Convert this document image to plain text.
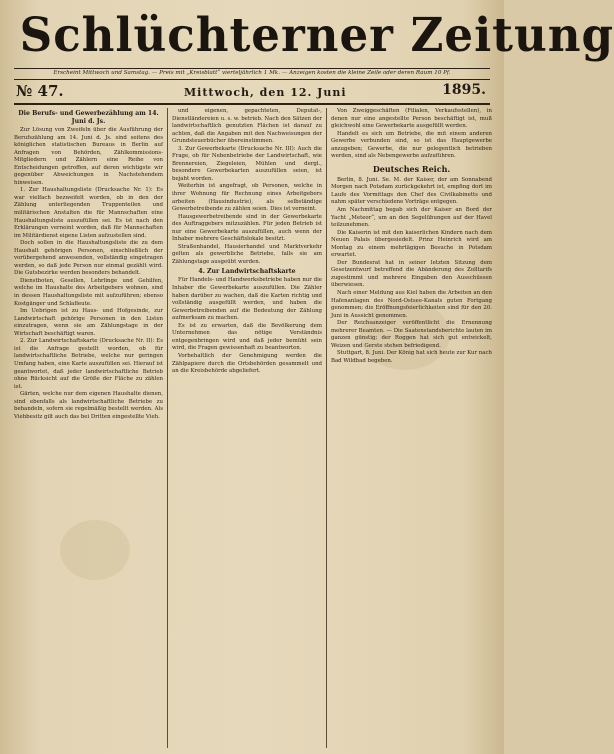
Schlüchterner Zeitung
Erscheint Mittwoch und Samstag. — Preis mit „Kreisblatt“ vierteljährlich 1 Mk. — Anzeigen kosten die kleine Zeile oder deren Raum 10 Pf.
№ 47.	Mittwoch, den 12. Juni	1895.
Die Berufs- und Gewerbezählung am 14. Juni d. Js.

Zur Lösung von Zweifeln über die Ausführung der Berufszählung am 14. Juni d. Js. sind seitens des königlichen statistischen Bureaus in Berlin auf Anfragen von Behörden, Zählkommissions-Mitgliedern und Zählern eine Reihe von Entscheidungen getroffen, auf deren wichtigste wir gegenüber Abweichungen in Nachstehendem hinweisen.

1. Zur Haushaltungsliste (Drucksache Nr. 1): Es war vielfach bezweifelt worden, ob in den der Zählung unterliegenden Truppenteilen und militärischen Anstalten die für Mannschaften eine Haushaltungsliste auszufüllen sei. Es ist nach den Erklärungen verneint worden, daß für Mannschaften im Militärdienst eigene Listen aufzustellen sind.

Doch sollen in die Haushaltungsliste die zu dem Haushalt gehörigen Personen, einschließlich der vorübergehend anwesenden, vollständig eingetragen werden, so daß jede Person nur einmal gezählt wird. Die Gutsbezirke werden besonders behandelt.

Dienstboten, Gesellen, Lehrlinge und Gehilfen, welche im Haushalte des Arbeitgebers wohnen, sind in dessen Haushaltungsliste mit aufzuführen; ebenso Kostgänger und Schlafleute.

Im Uebrigen ist zu Haus- und Hofgesinde, zur Landwirtschaft gehörige Personen in den Listen einzutragen, wenn sie am Zählungstage in der Wirtschaft beschäftigt waren.

2. Zur Landwirtschaftskarte (Drucksache Nr. II): Es ist die Anfrage gestellt worden, ob für landwirtschaftliche Betriebe, welche nur geringen Umfang haben, eine Karte auszufüllen sei. Hierauf ist geantwortet, daß jeder landwirtschaftliche Betrieb ohne Rücksicht auf die Größe der Fläche zu zählen ist.

Gärten, welche nur dem eigenen Haushalte dienen, sind ebenfalls als landwirtschaftliche Betriebe zu behandeln, sofern sie regelmäßig bestellt werden. Als Viehbesitz gilt auch das bei Dritten eingestellte Vieh.

und eigenen, gepachteten, Deputat-, Dienstländereien u. s. w. betrieb. Nach den Sätzen der landwirtschaftlich genutzten Flächen ist darauf zu achten, daß die Angaben mit den Nachweisungen der Grundsteuerbücher übereinstimmen.

3. Zur Gewerbekarte (Drucksache Nr. III): Auch die Frage, ob für Nebenbetriebe der Landwirtschaft, wie Brennereien, Ziegeleien, Mühlen und dergl., besondere Gewerbekarten auszufüllen seien, ist bejaht worden.

Weiterhin ist angefragt, ob Personen, welche in ihrer Wohnung für Rechnung eines Arbeitgebers arbeiten (Hausindustrie), als selbständige Gewerbetreibende zu zählen seien. Dies ist verneint.

Hausgewerbetreibende sind in der Gewerbekarte des Auftraggebers mitzuzählen. Für jeden Betrieb ist nur eine Gewerbekarte auszufüllen, auch wenn der Inhaber mehrere Geschäftslokale besitzt.

Straßenhandel, Hausierhandel und Marktverkehr gelten als gewerbliche Betriebe, falls sie am Zählungstage ausgeübt wurden.

4. Zur Landwirtschaftskarte

Für Handels- und Handwerksbetriebe haben nur die Inhaber die Gewerbekarte auszufüllen. Die Zähler haben darüber zu wachen, daß die Karten richtig und vollständig ausgefüllt werden, und haben die Gewerbetreibenden auf die Bedeutung der Zählung aufmerksam zu machen.

Es ist zu erwarten, daß die Bevölkerung dem Unternehmen das nötige Verständnis entgegenbringen wird und daß jeder bemüht sein wird, die Fragen gewissenhaft zu beantworten.

Vorbehaltlich der Genehmigung werden die Zählpapiere durch die Ortsbehörden gesammelt und an die Kreisbehörde abgeliefert.

Von Zweiggeschäften (Filialen, Verkaufsstellen), in denen nur eine angestellte Person beschäftigt ist, muß gleichwohl eine Gewerbekarte ausgefüllt werden.

Handelt es sich um Betriebe, die mit einem anderen Gewerbe verbunden sind, so ist das Hauptgewerbe anzugeben; Gewerbe, die nur gelegentlich betrieben werden, sind als Nebengewerbe aufzuführen.

Deutsches Reich.

Berlin, 8. Juni. Se. M. der Kaiser, der am Sonnabend Morgen nach Potsdam zurückgekehrt ist, empfing dort im Laufe des Vormittags den Chef des Civilkabinetts und nahm später verschiedene Vorträge entgegen.

Am Nachmittag begab sich der Kaiser an Bord der Yacht „Meteor“, um an den Segelübungen auf der Havel teilzunehmen.

Die Kaiserin ist mit den kaiserlichen Kindern nach dem Neuen Palais übergesiedelt. Prinz Heinrich wird am Montag zu einem mehrtägigen Besuche in Potsdam erwartet.

Der Bundesrat hat in seiner letzten Sitzung dem Gesetzentwurf betreffend die Abänderung des Zolltarifs zugestimmt und mehrere Eingaben den Ausschüssen überwiesen.

Nach einer Meldung aus Kiel haben die Arbeiten an den Hafenanlagen des Nord-Ostsee-Kanals guten Fortgang genommen; die Eröffnungsfeierlichkeiten sind für den 20. Juni in Aussicht genommen.

Der Reichsanzeiger veröffentlicht die Ernennung mehrerer Beamten. — Die Saatenstandsberichte lauten im ganzen günstig; der Roggen hat sich gut entwickelt, Weizen und Gerste stehen befriedigend.

Stuttgart, 8. Juni. Der König hat sich heute zur Kur nach Bad Wildbad begeben.
